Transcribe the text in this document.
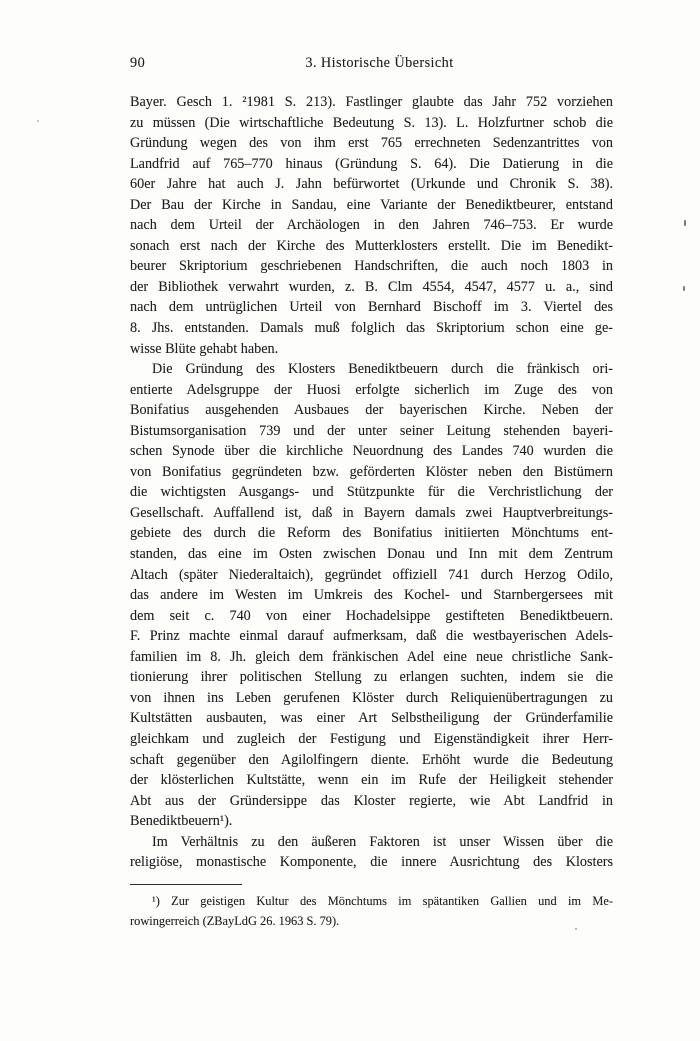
90	3. Historische Übersicht
Bayer. Gesch 1. ²1981 S. 213). Fastlinger glaubte das Jahr 752 vorziehen
zu müssen (Die wirtschaftliche Bedeutung S. 13). L. Holzfurtner schob die
Gründung wegen des von ihm erst 765 errechneten Sedenzantrittes von
Landfrid auf 765–770 hinaus (Gründung S. 64). Die Datierung in die
60er Jahre hat auch J. Jahn befürwortet (Urkunde und Chronik S. 38).
Der Bau der Kirche in Sandau, eine Variante der Benediktbeurer, entstand
nach dem Urteil der Archäologen in den Jahren 746–753. Er wurde
sonach erst nach der Kirche des Mutterklosters erstellt. Die im Benedikt-
beurer Skriptorium geschriebenen Handschriften, die auch noch 1803 in
der Bibliothek verwahrt wurden, z. B. Clm 4554, 4547, 4577 u. a., sind
nach dem untrüglichen Urteil von Bernhard Bischoff im 3. Viertel des
8. Jhs. entstanden. Damals muß folglich das Skriptorium schon eine ge-
wisse Blüte gehabt haben.
Die Gründung des Klosters Benediktbeuern durch die fränkisch ori-
entierte Adelsgruppe der Huosi erfolgte sicherlich im Zuge des von
Bonifatius ausgehenden Ausbaues der bayerischen Kirche. Neben der
Bistumsorganisation 739 und der unter seiner Leitung stehenden bayeri-
schen Synode über die kirchliche Neuordnung des Landes 740 wurden die
von Bonifatius gegründeten bzw. geförderten Klöster neben den Bistümern
die wichtigsten Ausgangs- und Stützpunkte für die Verchristlichung der
Gesellschaft. Auffallend ist, daß in Bayern damals zwei Hauptverbreitungs-
gebiete des durch die Reform des Bonifatius initiierten Mönchtums ent-
standen, das eine im Osten zwischen Donau und Inn mit dem Zentrum
Altach (später Niederaltaich), gegründet offiziell 741 durch Herzog Odilo,
das andere im Westen im Umkreis des Kochel- und Starnbergersees mit
dem seit c. 740 von einer Hochadelsippe gestifteten Benediktbeuern.
F. Prinz machte einmal darauf aufmerksam, daß die westbayerischen Adels-
familien im 8. Jh. gleich dem fränkischen Adel eine neue christliche Sank-
tionierung ihrer politischen Stellung zu erlangen suchten, indem sie die
von ihnen ins Leben gerufenen Klöster durch Reliquienübertragungen zu
Kultstätten ausbauten, was einer Art Selbstheiligung der Gründerfamilie
gleichkam und zugleich der Festigung und Eigenständigkeit ihrer Herr-
schaft gegenüber den Agilolfingern diente. Erhöht wurde die Bedeutung
der klösterlichen Kultstätte, wenn ein im Rufe der Heiligkeit stehender
Abt aus der Gründersippe das Kloster regierte, wie Abt Landfrid in
Benediktbeuern¹).
Im Verhältnis zu den äußeren Faktoren ist unser Wissen über die
religiöse, monastische Komponente, die innere Ausrichtung des Klosters
¹) Zur geistigen Kultur des Mönchtums im spätantiken Gallien und im Me-
rowingerreich (ZBayLdG 26. 1963 S. 79).
